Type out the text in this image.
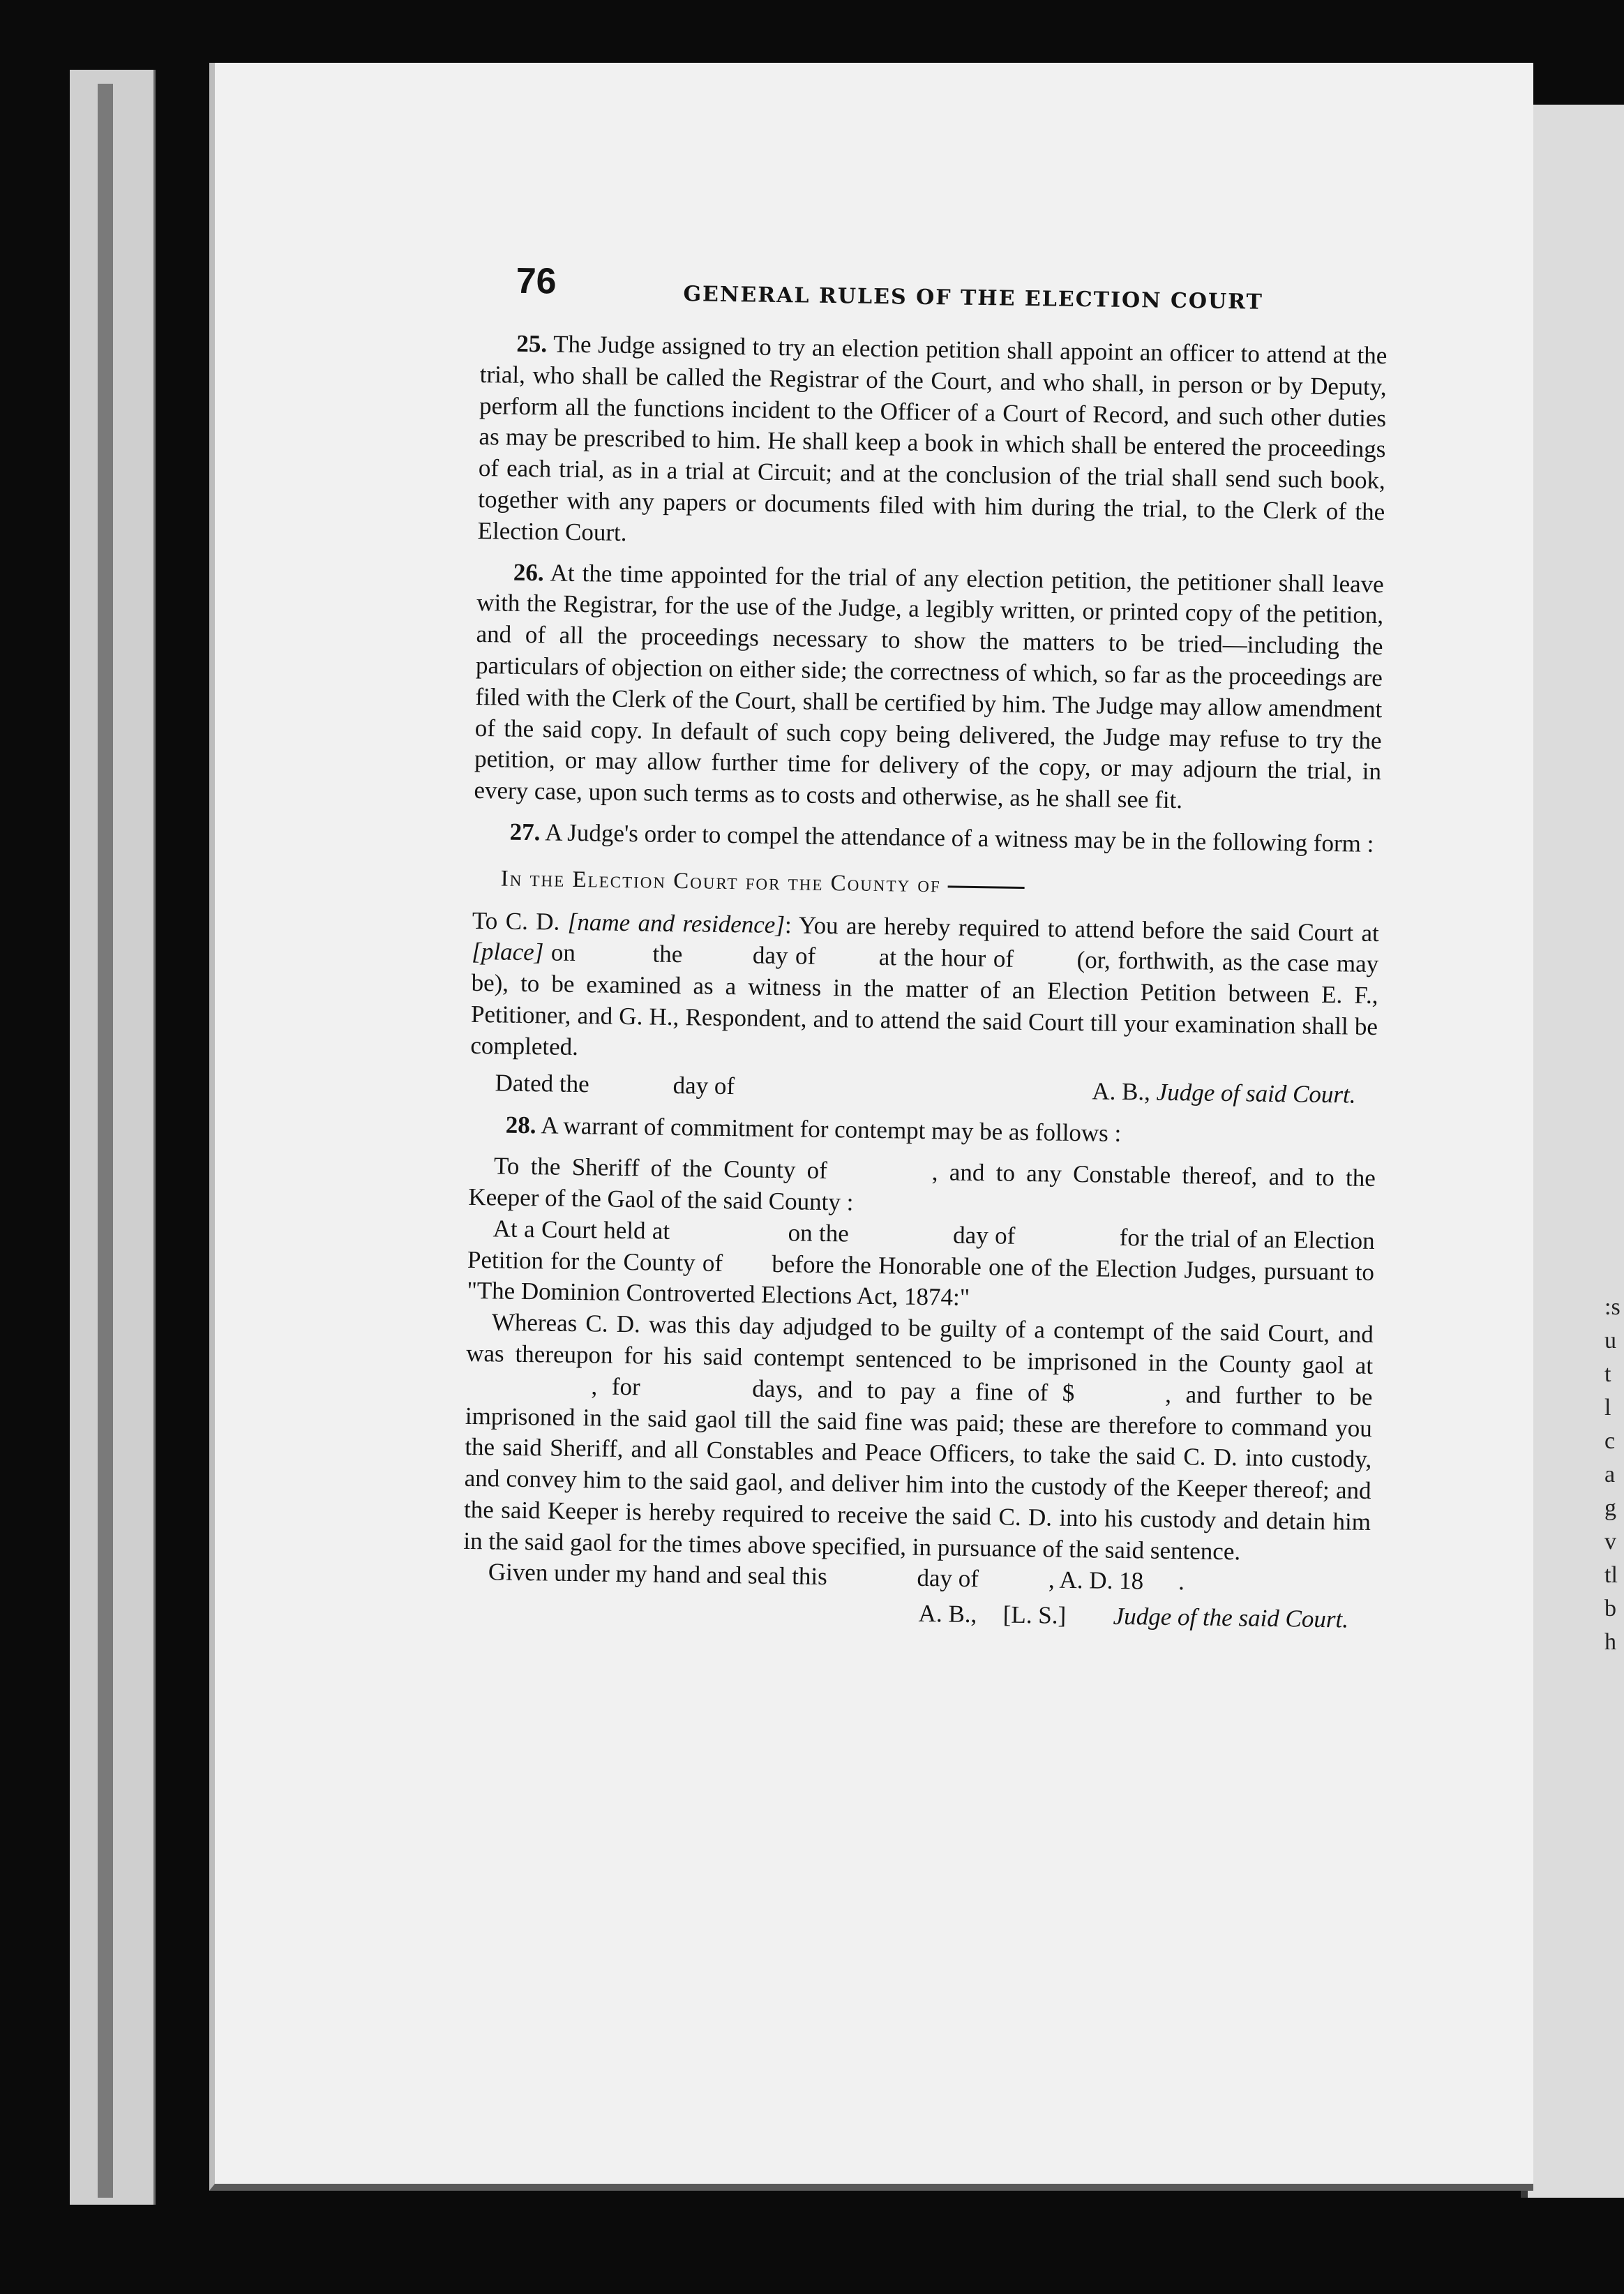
:s
u
t
l
c
a
g
v
tl
b
h
76	GENERAL RULES OF THE ELECTION COURT

25. The Judge assigned to try an election petition shall appoint an officer to attend at the trial, who shall be called the Registrar of the Court, and who shall, in person or by Deputy, perform all the functions incident to the Officer of a Court of Record, and such other duties as may be prescribed to him. He shall keep a book in which shall be entered the proceedings of each trial, as in a trial at Circuit; and at the conclusion of the trial shall send such book, together with any papers or documents filed with him during the trial, to the Clerk of the Election Court.

26. At the time appointed for the trial of any election petition, the petitioner shall leave with the Registrar, for the use of the Judge, a legibly written, or printed copy of the petition, and of all the proceedings necessary to show the matters to be tried—including the particulars of objection on either side; the correctness of which, so far as the proceedings are filed with the Clerk of the Court, shall be certified by him. The Judge may allow amendment of the said copy. In default of such copy being delivered, the Judge may refuse to try the petition, or may allow further time for delivery of the copy, or may adjourn the trial, in every case, upon such terms as to costs and otherwise, as he shall see fit.

27. A Judge's order to compel the attendance of a witness may be in the following form :

In the Election Court for the County of

To C. D. [name and residence]: You are hereby required to attend before the said Court at [place] on	the	day of	at the hour of	(or, forthwith, as the case may be), to be examined as a witness in the matter of an Election Petition between E. F., Petitioner, and G. H., Respondent, and to attend the said Court till your examination shall be completed.

Dated the	day of	A. B., Judge of said Court.

28. A warrant of commitment for contempt may be as follows :

To the Sheriff of the County of	, and to any Constable thereof, and to the Keeper of the Gaol of the said County :

At a Court held at	on the	day of	for the trial of an Election Petition for the County of before the Honorable one of the Election Judges, pursuant to "The Dominion Controverted Elections Act, 1874:"

Whereas C. D. was this day adjudged to be guilty of a contempt of the said Court, and was thereupon for his said contempt sentenced to be imprisoned in the County gaol at, for	days, and to pay a fine of $	, and further to be imprisoned in the said gaol till the said fine was paid; these are therefore to command you the said Sheriff, and all Constables and Peace Officers, to take the said C. D. into custody, and convey him to the said gaol, and deliver him into the custody of the Keeper thereof; and the said Keeper is hereby required to receive the said C. D. into his custody and detain him in the said gaol for the times above specified, in pursuance of the said sentence.

Given under my hand and seal this	day of	, A. D. 18 .

A. B., [L. S.] Judge of the said Court.
